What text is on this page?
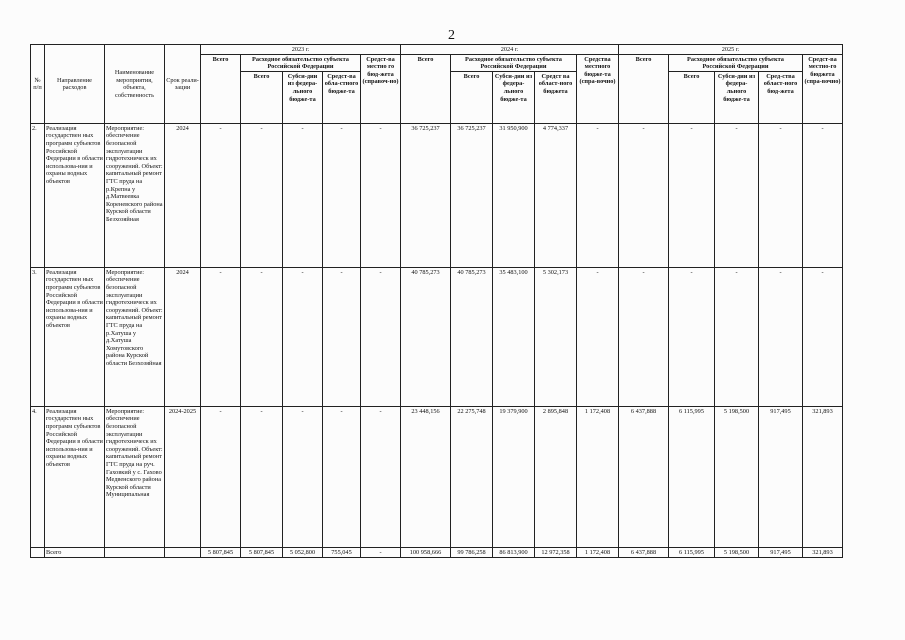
2
№ п/п	Направление расходов	Наименование мероприятия, объекта, собственность	Срок реали-зации	2023 г.					2024 г.					2025 г.				
				Всего	Расходное обязательство субъекта Российской Федерации			Средст-ва местно го бюд-жета (справоч-но)	Всего	Расходное обязательство субъекта Российской Федерации			Средства местного бюдже-та (спра-вочно)	Всего	Расходное обязательство субъекта Российской Федерации			Средст-ва местно-го бюджета (спра-вочно)
					Всего	Субси-дии из федера-льного бюдже-та	Средст-ва обла-стного бюдже-та			Всего	Субси-дии из федера-льного бюдже-та	Средст ва област-ного бюджета			Всего	Субси-дии из федера-льного бюдже-та	Сред-ства област-ного бюд-жета	
2.	Реализация государствен ных программ субъектов Российской Федерации в области использова-ния и охраны водных объектов	Мероприятие: обеспечение безопасной эксплуатации гидротехническ их сооружений. Объект: капитальный ремонт ГТС пруда на р.Крепна у д.Матвеевка Кореневского района Курской области Безхозяйная	2024	-	-	-	-	-	36 725,237	36 725,237	31 950,900	4 774,337	-	-	-	-	-	-
3.	Реализация государствен ных программ субъектов Российской Федерации в области использова-ния и охраны водных объектов	Мероприятие: обеспечение безопасной эксплуатации гидротехническ их сооружений. Объект: капитальный ремонт ГТС пруда на р.Хатуша у д.Хатуша Хомутовского района Курской области Безхозяйная	2024	-	-	-	-	-	40 785,273	40 785,273	35 483,100	5 302,173	-	-	-	-	-	-
4.	Реализация государствен ных программ субъектов Российской Федерации в области использова-ния и охраны водных объектов	Мероприятие: обеспечение безопасной эксплуатации гидротехническ их сооружений. Объект: капитальный ремонт ГТС пруда на руч. Гаховкий у с. Гахово Медвенского района Курской области Муниципальная	2024-2025	-	-	-	-	-	23 448,156	22 275,748	19 379,900	2 895,848	1 172,408	6 437,888	6 115,995	5 198,500	917,495	321,893
	Всего			5 807,845	5 807,845	5 052,800	755,045	-	100 958,666	99 786,258	86 813,900	12 972,358	1 172,408	6 437,888	6 115,995	5 198,500	917,495	321,893
